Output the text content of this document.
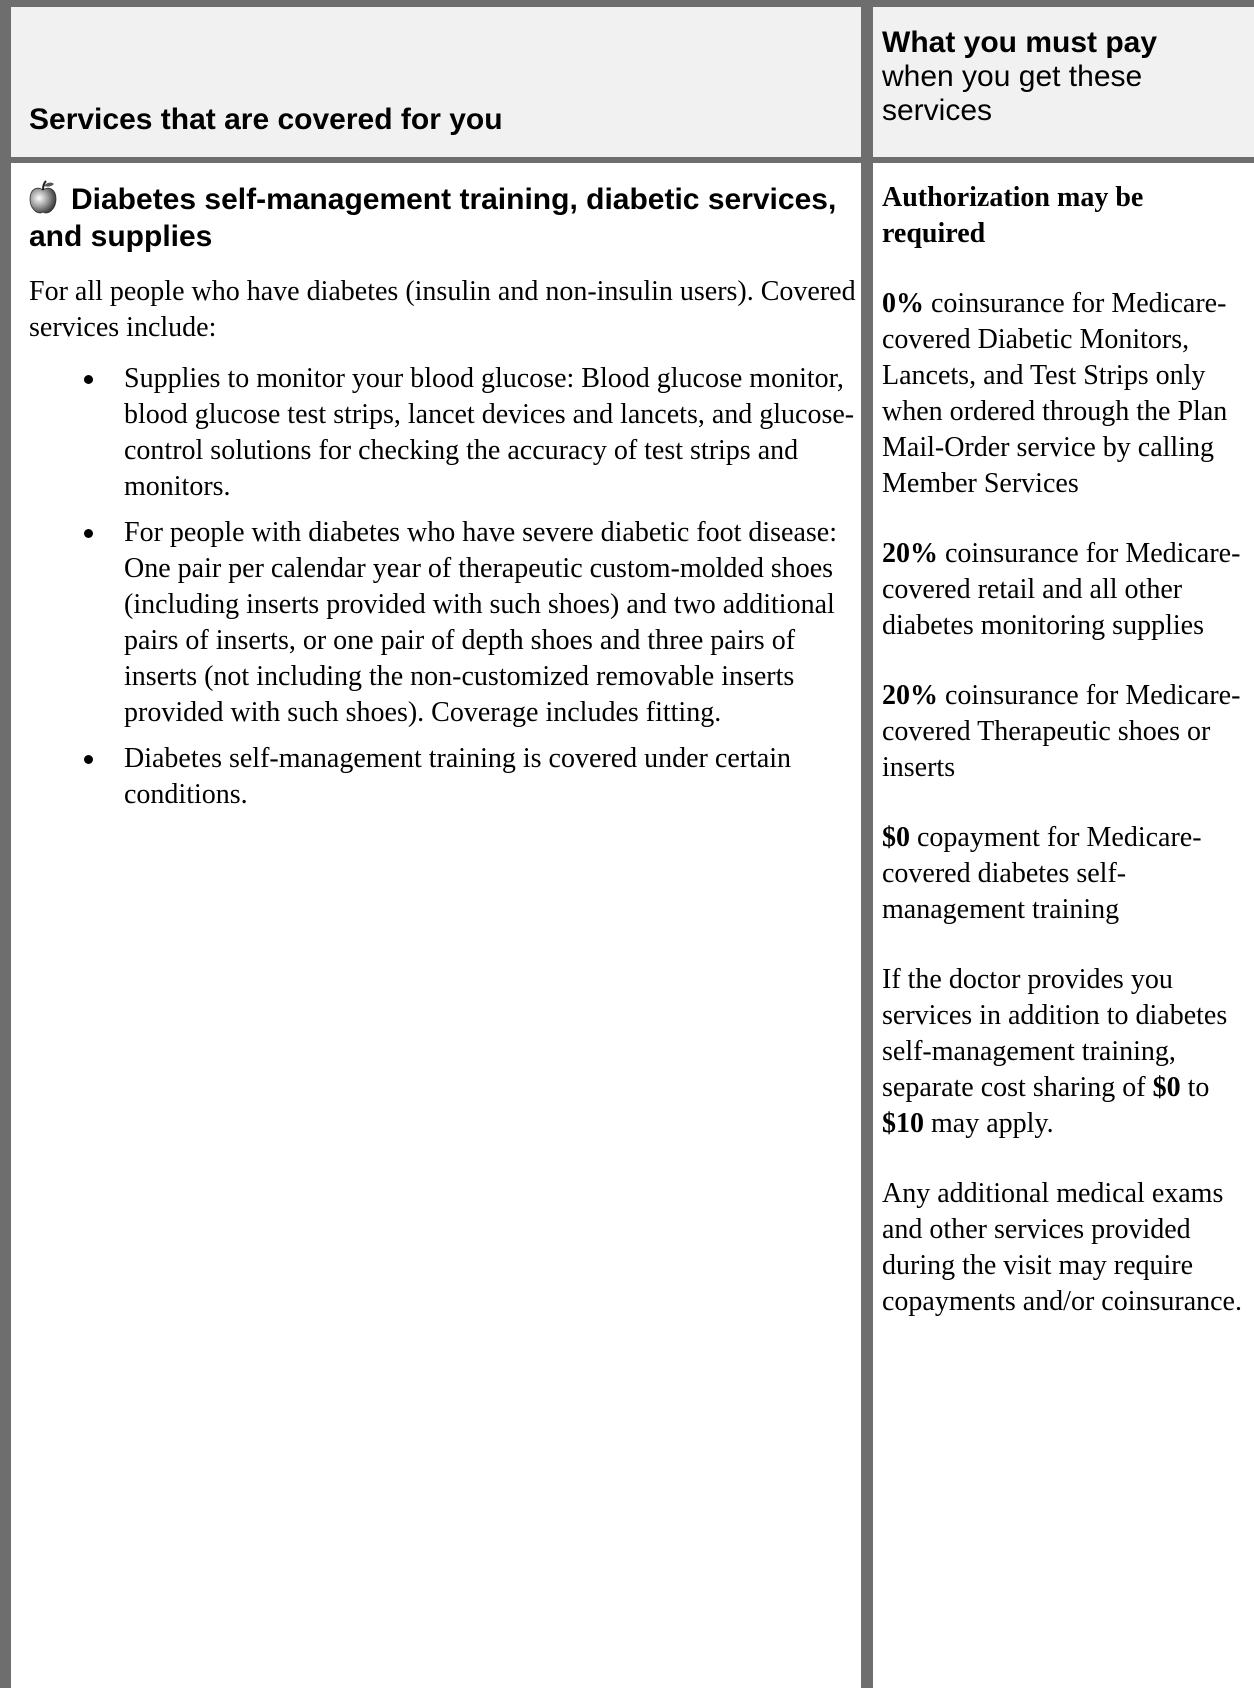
Services that are covered for you
What you must pay
when you get these services
Diabetes self-management training, diabetic services, and supplies
For all people who have diabetes (insulin and non-insulin users). Covered services include:
Supplies to monitor your blood glucose: Blood glucose monitor, blood glucose test strips, lancet devices and lancets, and glucose-control solutions for checking the accuracy of test strips and monitors.
For people with diabetes who have severe diabetic foot disease: One pair per calendar year of therapeutic custom-molded shoes (including inserts provided with such shoes) and two additional pairs of inserts, or one pair of depth shoes and three pairs of inserts (not including the non-customized removable inserts provided with such shoes). Coverage includes fitting.
Diabetes self-management training is covered under certain conditions.

Authorization may be required

0% coinsurance for Medicare-covered Diabetic Monitors, Lancets, and Test Strips only when ordered through the Plan Mail-Order service by calling Member Services

20% coinsurance for Medicare-covered retail and all other diabetes monitoring supplies

20% coinsurance for Medicare-covered Therapeutic shoes or inserts

$0 copayment for Medicare-covered diabetes self-management training

If the doctor provides you services in addition to diabetes self-management training, separate cost sharing of $0 to $10 may apply.

Any additional medical exams and other services provided during the visit may require copayments and/or coinsurance.
